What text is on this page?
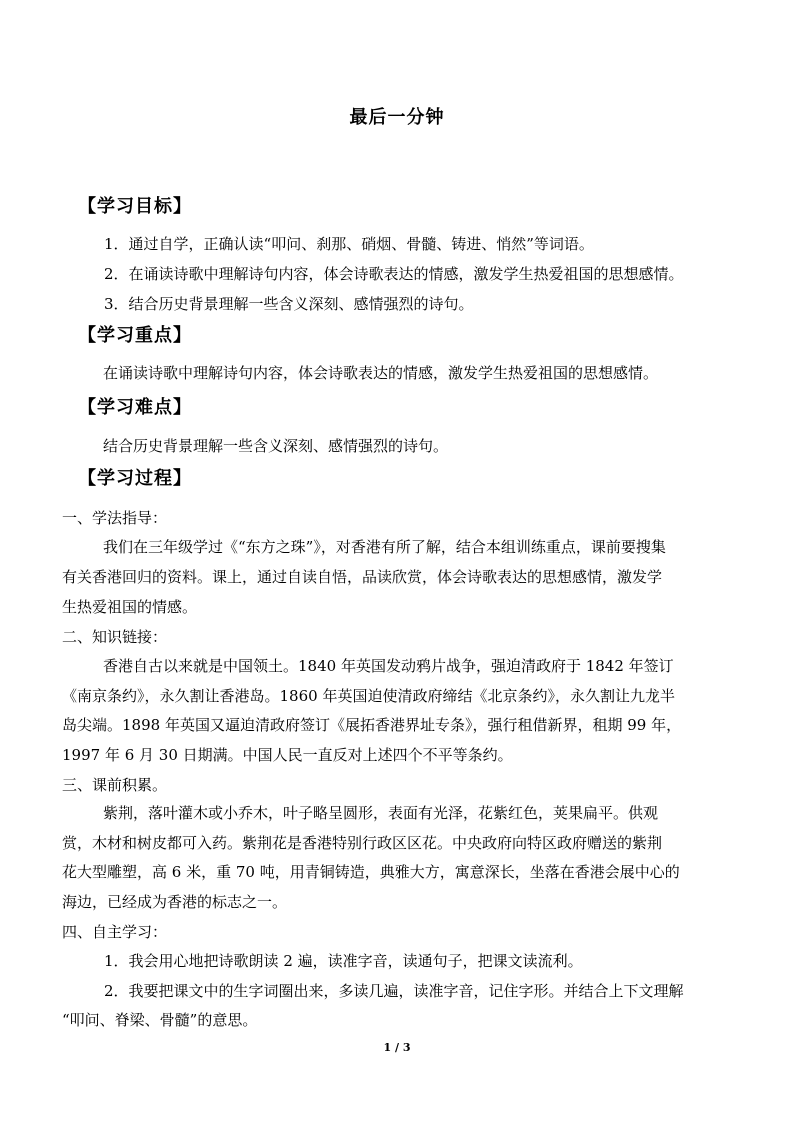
最后一分钟
【学习目标】
1．通过自学，正确认读“叩问、刹那、硝烟、骨髓、铸进、悄然”等词语。
2．在诵读诗歌中理解诗句内容，体会诗歌表达的情感，激发学生热爱祖国的思想感情。
3．结合历史背景理解一些含义深刻、感情强烈的诗句。
【学习重点】
在诵读诗歌中理解诗句内容，体会诗歌表达的情感，激发学生热爱祖国的思想感情。
【学习难点】
结合历史背景理解一些含义深刻、感情强烈的诗句。
【学习过程】
一、学法指导：
我们在三年级学过《“东方之珠”》，对香港有所了解，结合本组训练重点，课前要搜集
有关香港回归的资料。课上，通过自读自悟，品读欣赏，体会诗歌表达的思想感情，激发学
生热爱祖国的情感。
二、知识链接：
香港自古以来就是中国领土。1840 年英国发动鸦片战争，强迫清政府于 1842 年签订
《南京条约》，永久割让香港岛。1860 年英国迫使清政府缔结《北京条约》，永久割让九龙半
岛尖端。1898 年英国又逼迫清政府签订《展拓香港界址专条》，强行租借新界，租期 99 年，
1997 年 6 月 30 日期满。中国人民一直反对上述四个不平等条约。
三、课前积累。
紫荆，落叶灌木或小乔木，叶子略呈圆形，表面有光泽，花紫红色，荚果扁平。供观
赏，木材和树皮都可入药。紫荆花是香港特别行政区区花。中央政府向特区政府赠送的紫荆
花大型雕塑，高 6 米，重 70 吨，用青铜铸造，典雅大方，寓意深长，坐落在香港会展中心的
海边，已经成为香港的标志之一。
四、自主学习：
1．我会用心地把诗歌朗读 2 遍，读准字音，读通句子，把课文读流利。
2．我要把课文中的生字词圈出来，多读几遍，读准字音，记住字形。并结合上下文理解
“叩问、脊梁、骨髓”的意思。
1 / 3
